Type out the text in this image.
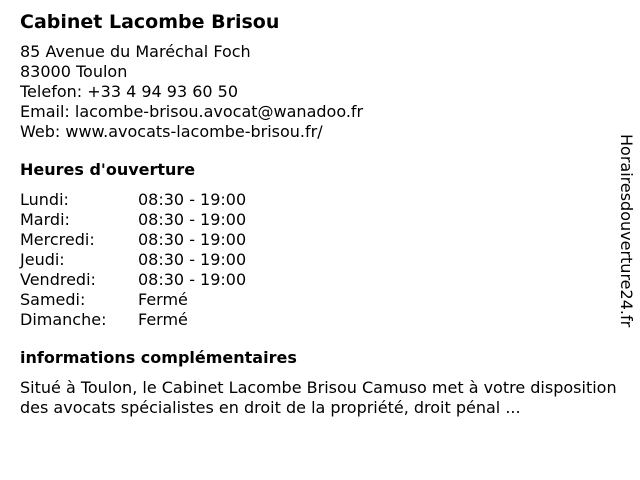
Cabinet Lacombe Brisou
85 Avenue du Maréchal Foch
83000 Toulon
Telefon: +33 4 94 93 60 50
Email: lacombe-brisou.avocat@wanadoo.fr
Web: www.avocats-lacombe-brisou.fr/
Heures d'ouverture
Lundi:	08:30 - 19:00
Mardi:	08:30 - 19:00
Mercredi:	08:30 - 19:00
Jeudi:	08:30 - 19:00
Vendredi:	08:30 - 19:00
Samedi:	Fermé
Dimanche:	Fermé
informations complémentaires
Situé à Toulon, le Cabinet Lacombe Brisou Camuso met à votre disposition des avocats spécialistes en droit de la propriété, droit pénal ...
Horairesdouverture24.fr
